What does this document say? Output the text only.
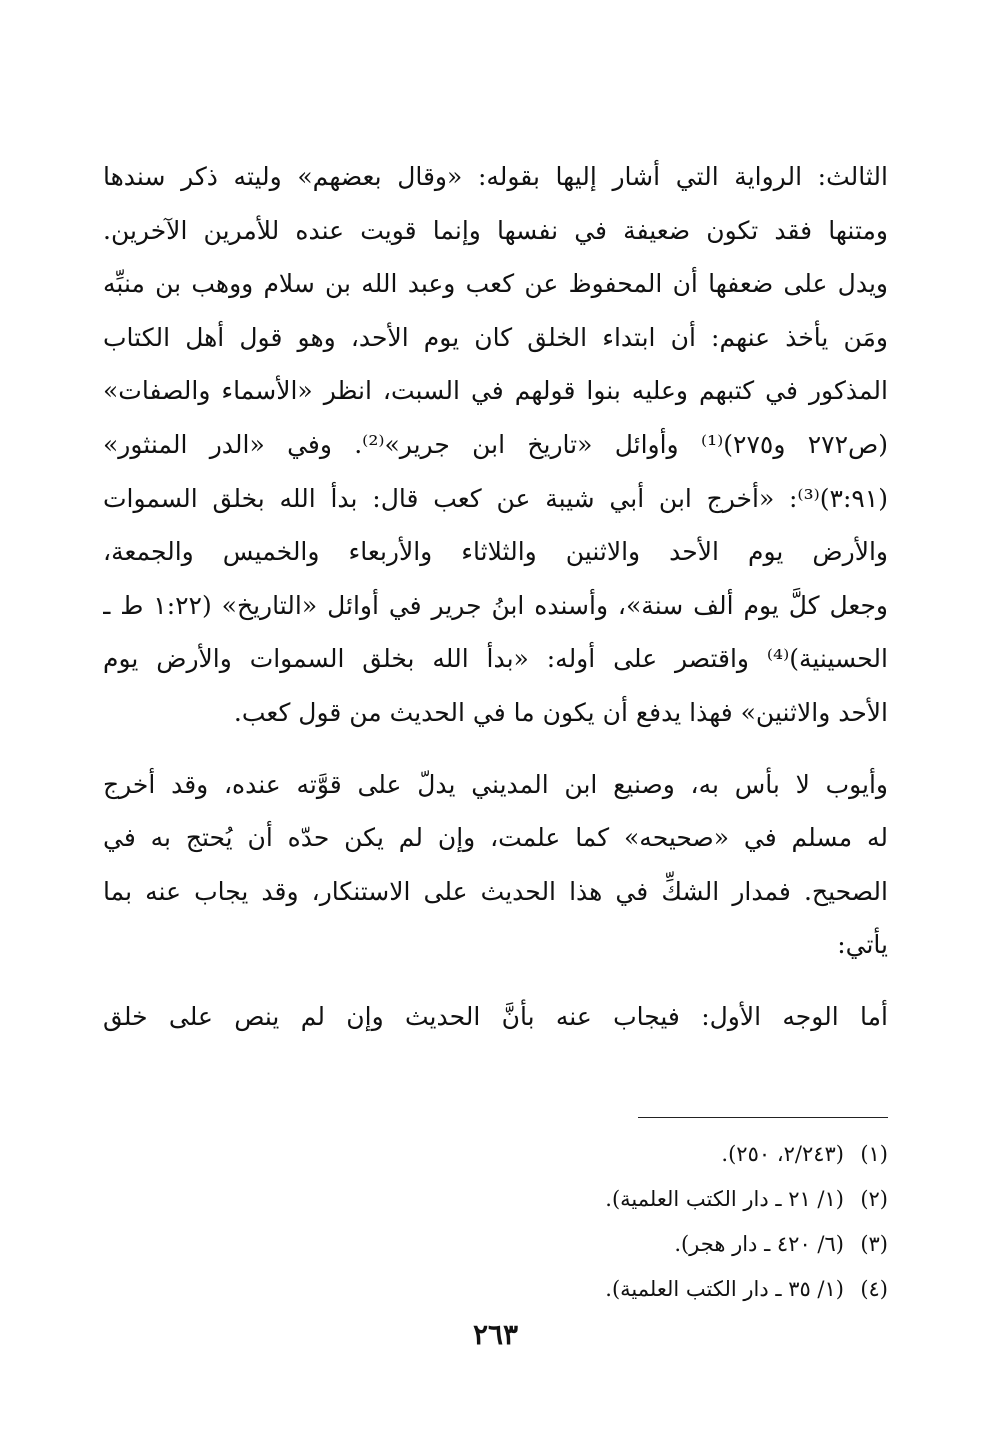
الثالث: الرواية التي أشار إليها بقوله: «وقال بعضهم» وليته ذكر سندها
ومتنها فقد تكون ضعيفة في نفسها وإنما قويت عنده للأمرين الآخرين.
ويدل على ضعفها أن المحفوظ عن كعب وعبد الله بن سلام ووهب بن منبِّه
ومَن يأخذ عنهم: أن ابتداء الخلق كان يوم الأحد، وهو قول أهل الكتاب
المذكور في كتبهم وعليه بنوا قولهم في السبت، انظر «الأسماء والصفات»
(ص٢٧٢ و٢٧٥)⁽¹⁾ وأوائل «تاريخ ابن جرير»⁽²⁾. وفي «الدر المنثور»
(٣:٩١)⁽³⁾: «أخرج ابن أبي شيبة عن كعب قال: بدأ الله بخلق السموات
والأرض يوم الأحد والاثنين والثلاثاء والأربعاء والخميس والجمعة،
وجعل كلَّ يوم ألف سنة»، وأسنده ابنُ جرير في أوائل «التاريخ» (١:٢٢ ط ـ
الحسينية)⁽⁴⁾ واقتصر على أوله: «بدأ الله بخلق السموات والأرض يوم
الأحد والاثنين» فهذا يدفع أن يكون ما في الحديث من قول كعب.
وأيوب لا بأس به، وصنيع ابن المديني يدلّ على قوَّته عنده، وقد أخرج
له مسلم في «صحيحه» كما علمت، وإن لم يكن حدّه أن يُحتج به في
الصحيح. فمدار الشكِّ في هذا الحديث على الاستنكار، وقد يجاب عنه بما
يأتي:
أما الوجه الأول: فيجاب عنه بأنَّ الحديث وإن لم ينص على خلق
(١)(٢/٢٤٣، ٢٥٠).
(٢)(١/ ٢١ ـ دار الكتب العلمية).
(٣)(٦/ ٤٢٠ ـ دار هجر).
(٤)(١/ ٣٥ ـ دار الكتب العلمية).
٢٦٣
